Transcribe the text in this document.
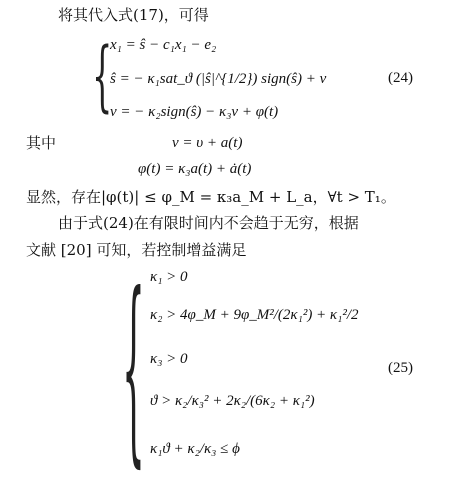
将其代入式(17)，可得
{
x₁ = ŝ − c₁x₁ − e₂
ŝ = − κ₁sat_ϑ (|ŝ|^{1/2}) sign(ŝ) + ν
ν = − κ₂sign(ŝ) − κ₃ν + φ(t)
(24)
其中	ν = υ + a(t)
φ(t) = κ₃a(t) + ȧ(t)
显然，存在|φ(t)| ≤ φ_M = κ₃a_M + L_a，∀t > T₁。
由于式(24)在有限时间内不会趋于无穷，根据
文献 [20] 可知，若控制增益满足
{ κ₁ > 0
κ₂ > 4φ_M + 9φ_M²/(2κ₁²) + κ₁²/2
κ₃ > 0
ϑ > κ₂/κ₃² + 2κ₂/(6κ₂ + κ₁²)
κ₁ϑ + κ₂/κ₃ ≤ ϕ
(25)
